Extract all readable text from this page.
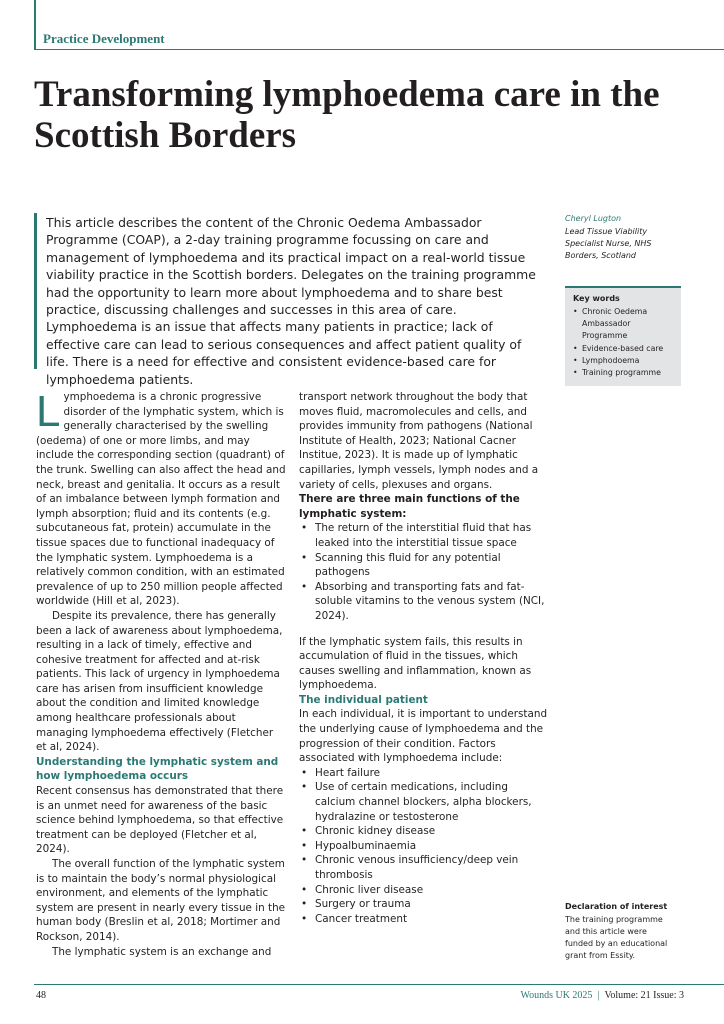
Practice Development
Transforming lymphoedema care in the Scottish Borders

This article describes the content of the Chronic Oedema Ambassador Programme (COAP), a 2-day training programme focussing on care and management of lymphoedema and its practical impact on a real-world tissue viability practice in the Scottish borders. Delegates on the training programme had the opportunity to learn more about lymphoedema and to share best practice, discussing challenges and successes in this area of care. Lymphoedema is an issue that affects many patients in practice; lack of effective care can lead to serious consequences and affect patient quality of life. There is a need for effective and consistent evidence-based care for lymphoedema patients.

Cheryl Lugton
Lead Tissue Viability Specialist Nurse, NHS Borders, Scotland
Key words
• Chronic Oedema Ambassador Programme
• Evidence-based care
• Lymphodoema
• Training programme

Lymphoedema is a chronic progressive disorder of the lymphatic system, which is generally characterised by the swelling (oedema) of one or more limbs, and may include the corresponding section (quadrant) of the trunk. Swelling can also affect the head and neck, breast and genitalia. It occurs as a result of an imbalance between lymph formation and lymph absorption; fluid and its contents (e.g. subcutaneous fat, protein) accumulate in the tissue spaces due to functional inadequacy of the lymphatic system. Lymphoedema is a relatively common condition, with an estimated prevalence of up to 250 million people affected worldwide (Hill et al, 2023).

Despite its prevalence, there has generally been a lack of awareness about lymphoedema, resulting in a lack of timely, effective and cohesive treatment for affected and at-risk patients. This lack of urgency in lymphoedema care has arisen from insufficient knowledge about the condition and limited knowledge among healthcare professionals about managing lymphoedema effectively (Fletcher et al, 2024).

Understanding the lymphatic system and how lymphoedema occurs

Recent consensus has demonstrated that there is an unmet need for awareness of the basic science behind lymphoedema, so that effective treatment can be deployed (Fletcher et al, 2024).

The overall function of the lymphatic system is to maintain the body’s normal physiological environment, and elements of the lymphatic system are present in nearly every tissue in the human body (Breslin et al, 2018; Mortimer and Rockson, 2014).

The lymphatic system is an exchange and

transport network throughout the body that moves fluid, macromolecules and cells, and provides immunity from pathogens (National Institute of Health, 2023; National Cacner Institue, 2023). It is made up of lymphatic capillaries, lymph vessels, lymph nodes and a variety of cells, plexuses and organs.

There are three main functions of the lymphatic system:

• The return of the interstitial fluid that has leaked into the interstitial tissue space
• Scanning this fluid for any potential pathogens
• Absorbing and transporting fats and fat-soluble vitamins to the venous system (NCI, 2024).

If the lymphatic system fails, this results in accumulation of fluid in the tissues, which causes swelling and inflammation, known as lymphoedema.

The individual patient

In each individual, it is important to understand the underlying cause of lymphoedema and the progression of their condition. Factors associated with lymphoedema include:

• Heart failure
• Use of certain medications, including calcium channel blockers, alpha blockers, hydralazine or testosterone
• Chronic kidney disease
• Hypoalbuminaemia
• Chronic venous insufficiency/deep vein thrombosis
• Chronic liver disease
• Surgery or trauma
• Cancer treatment
Declaration of interest
The training programme and this article were funded by an educational grant from Essity.
48	Wounds UK 2025 | Volume: 21 Issue: 3
